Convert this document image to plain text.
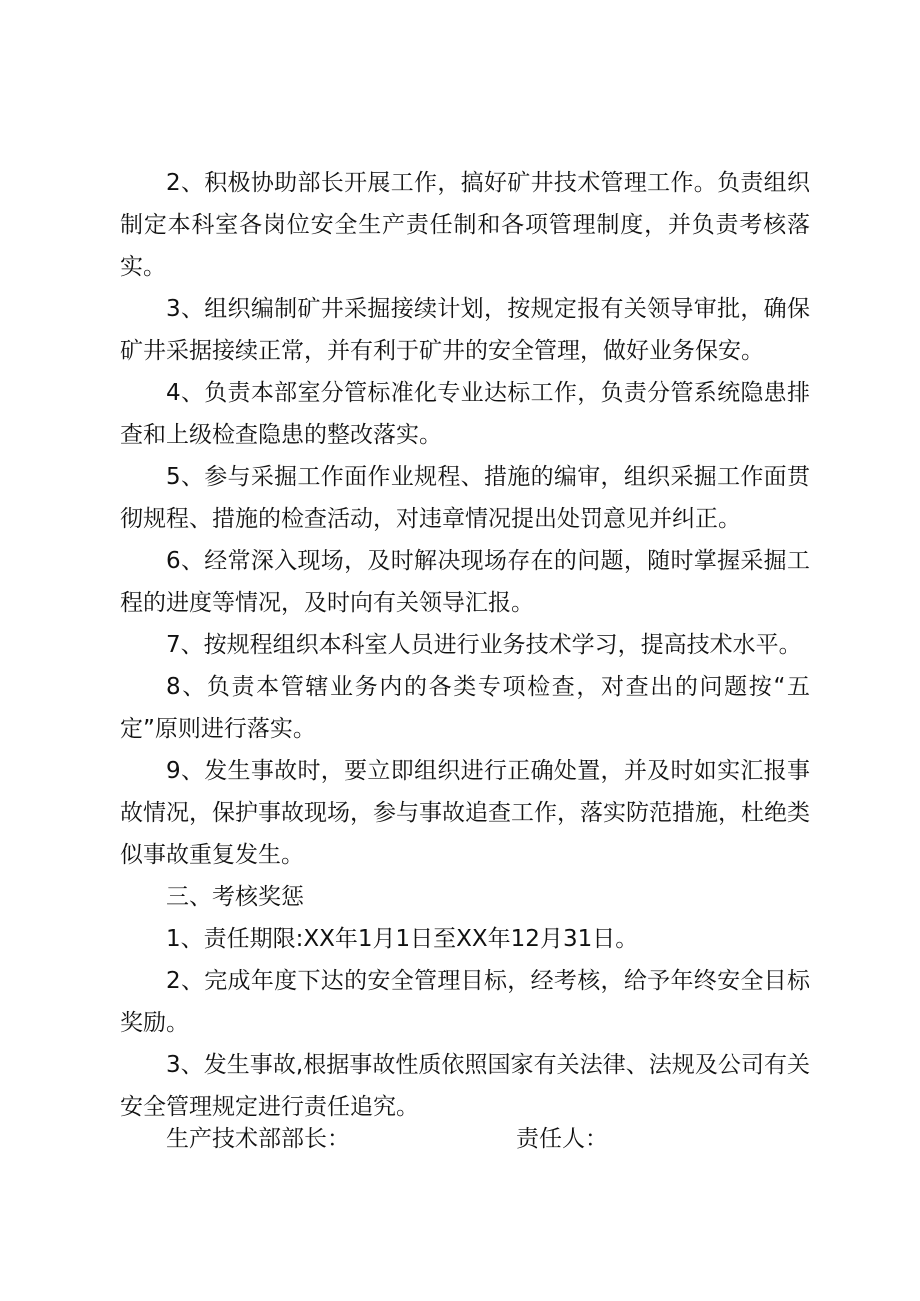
2、积极协助部长开展工作，搞好矿井技术管理工作。负责组织制定本科室各岗位安全生产责任制和各项管理制度，并负责考核落实。

3、组织编制矿井采掘接续计划，按规定报有关领导审批，确保矿井采据接续正常，并有利于矿井的安全管理，做好业务保安。

4、负责本部室分管标准化专业达标工作，负责分管系统隐患排查和上级检查隐患的整改落实。

5、参与采掘工作面作业规程、措施的编审，组织采掘工作面贯彻规程、措施的检查活动，对违章情况提出处罚意见并纠正。

6、经常深入现场，及时解决现场存在的问题，随时掌握采掘工程的进度等情况，及时向有关领导汇报。

7、按规程组织本科室人员进行业务技术学习，提高技术水平。

8、负责本管辖业务内的各类专项检查，对查出的问题按“五定”原则进行落实。

9、发生事故时，要立即组织进行正确处置，并及时如实汇报事故情况，保护事故现场，参与事故追查工作，落实防范措施，杜绝类似事故重复发生。

三、考核奖惩

1、责任期限:XX年1月1日至XX年12月31日。

2、完成年度下达的安全管理目标，经考核，给予年终安全目标奖励。

3、发生事故,根据事故性质依照国家有关法律、法规及公司有关安全管理规定进行责任追究。

生产技术部部长：	责任人：
